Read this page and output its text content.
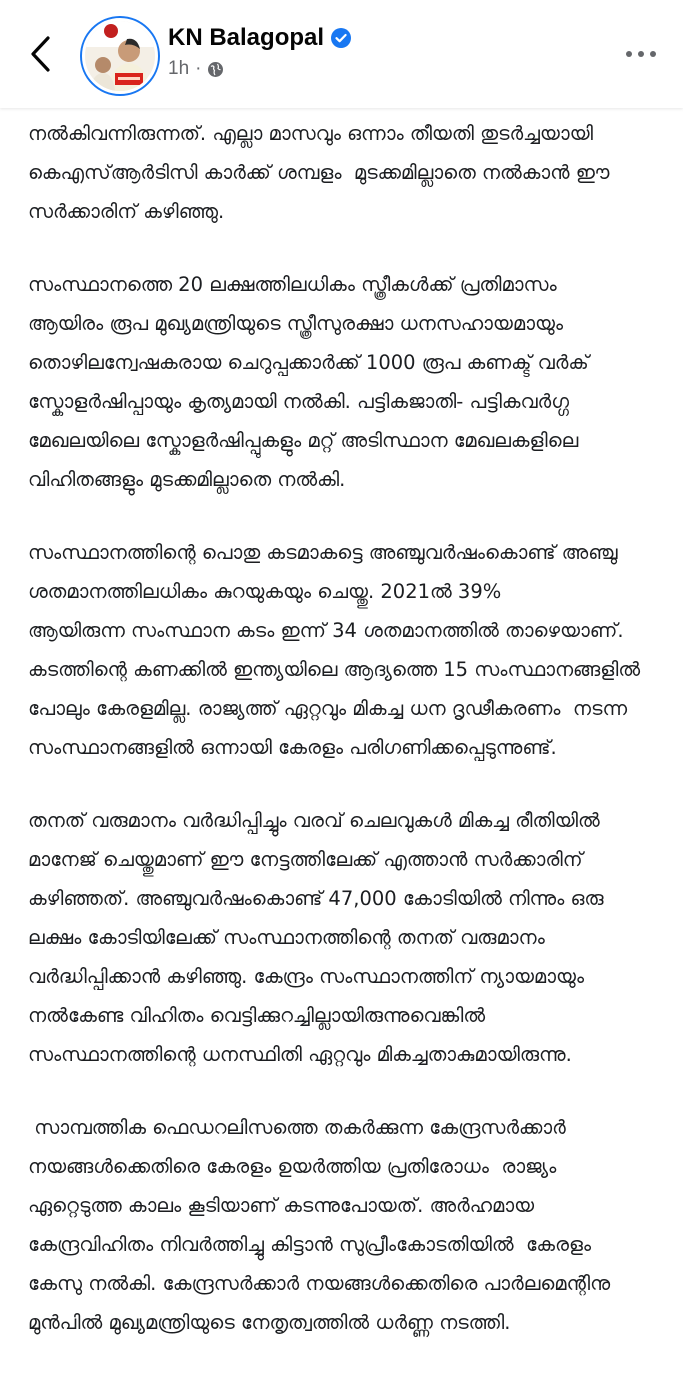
KN Balagopal
1h ·

നൽകിവന്നിരുന്നത്. എല്ലാ മാസവും ഒന്നാം തീയതി തുടർച്ചയായി
കെഎസ്ആർടിസി കാർക്ക് ശമ്പളം  മുടക്കമില്ലാതെ നൽകാൻ ഈ
സർക്കാരിന് കഴിഞ്ഞു.

സംസ്ഥാനത്തെ 20 ലക്ഷത്തിലധികം സ്ത്രീകൾക്ക് പ്രതിമാസം
ആയിരം രൂപ മുഖ്യമന്ത്രിയുടെ സ്ത്രീസുരക്ഷാ ധനസഹായമായും
തൊഴിലന്വേഷകരായ ചെറുപ്പക്കാർക്ക് 1000 രൂപ കണക്ട് വർക്
സ്കോളർഷിപ്പായും കൃത്യമായി നൽകി. പട്ടികജാതി- പട്ടികവർഗ്ഗ
മേഖലയിലെ സ്കോളർഷിപ്പുകളും മറ്റ് അടിസ്ഥാന മേഖലകളിലെ
വിഹിതങ്ങളും മുടക്കമില്ലാതെ നൽകി.

സംസ്ഥാനത്തിന്റെ പൊതു കടമാകട്ടെ അഞ്ചുവർഷംകൊണ്ട് അഞ്ചു
ശതമാനത്തിലധികം കുറയുകയും ചെയ്തു. 2021ൽ 39%
ആയിരുന്ന സംസ്ഥാന കടം ഇന്ന് 34 ശതമാനത്തിൽ താഴെയാണ്.
കടത്തിന്റെ കണക്കിൽ ഇന്ത്യയിലെ ആദ്യത്തെ 15 സംസ്ഥാനങ്ങളിൽ
പോലും കേരളമില്ല. രാജ്യത്ത് ഏറ്റവും മികച്ച ധന ദൃഢീകരണം  നടന്ന
സംസ്ഥാനങ്ങളിൽ ഒന്നായി കേരളം പരിഗണിക്കപ്പെടുന്നുണ്ട്.

തനത് വരുമാനം വർദ്ധിപ്പിച്ചും വരവ് ചെലവുകൾ മികച്ച രീതിയിൽ
മാനേജ് ചെയ്തുമാണ് ഈ നേട്ടത്തിലേക്ക് എത്താൻ സർക്കാരിന്
കഴിഞ്ഞത്. അഞ്ചുവർഷംകൊണ്ട് 47,000 കോടിയിൽ നിന്നും ഒരു
ലക്ഷം കോടിയിലേക്ക് സംസ്ഥാനത്തിന്റെ തനത് വരുമാനം
വർദ്ധിപ്പിക്കാൻ കഴിഞ്ഞു. കേന്ദ്രം സംസ്ഥാനത്തിന് ന്യായമായും
നൽകേണ്ട വിഹിതം വെട്ടിക്കുറച്ചില്ലായിരുന്നുവെങ്കിൽ
സംസ്ഥാനത്തിന്റെ ധനസ്ഥിതി ഏറ്റവും മികച്ചതാകുമായിരുന്നു.

സാമ്പത്തിക ഫെഡറലിസത്തെ തകർക്കുന്ന കേന്ദ്രസർക്കാർ
നയങ്ങൾക്കെതിരെ കേരളം ഉയർത്തിയ പ്രതിരോധം  രാജ്യം
ഏറ്റെടുത്ത കാലം കൂടിയാണ് കടന്നുപോയത്. അർഹമായ
കേന്ദ്രവിഹിതം നിവർത്തിച്ചു കിട്ടാൻ സുപ്രീംകോടതിയിൽ  കേരളം
കേസു നൽകി. കേന്ദ്രസർക്കാർ നയങ്ങൾക്കെതിരെ പാർലമെന്റിനു
മുൻപിൽ മുഖ്യമന്ത്രിയുടെ നേതൃത്വത്തിൽ ധർണ്ണ നടത്തി.
